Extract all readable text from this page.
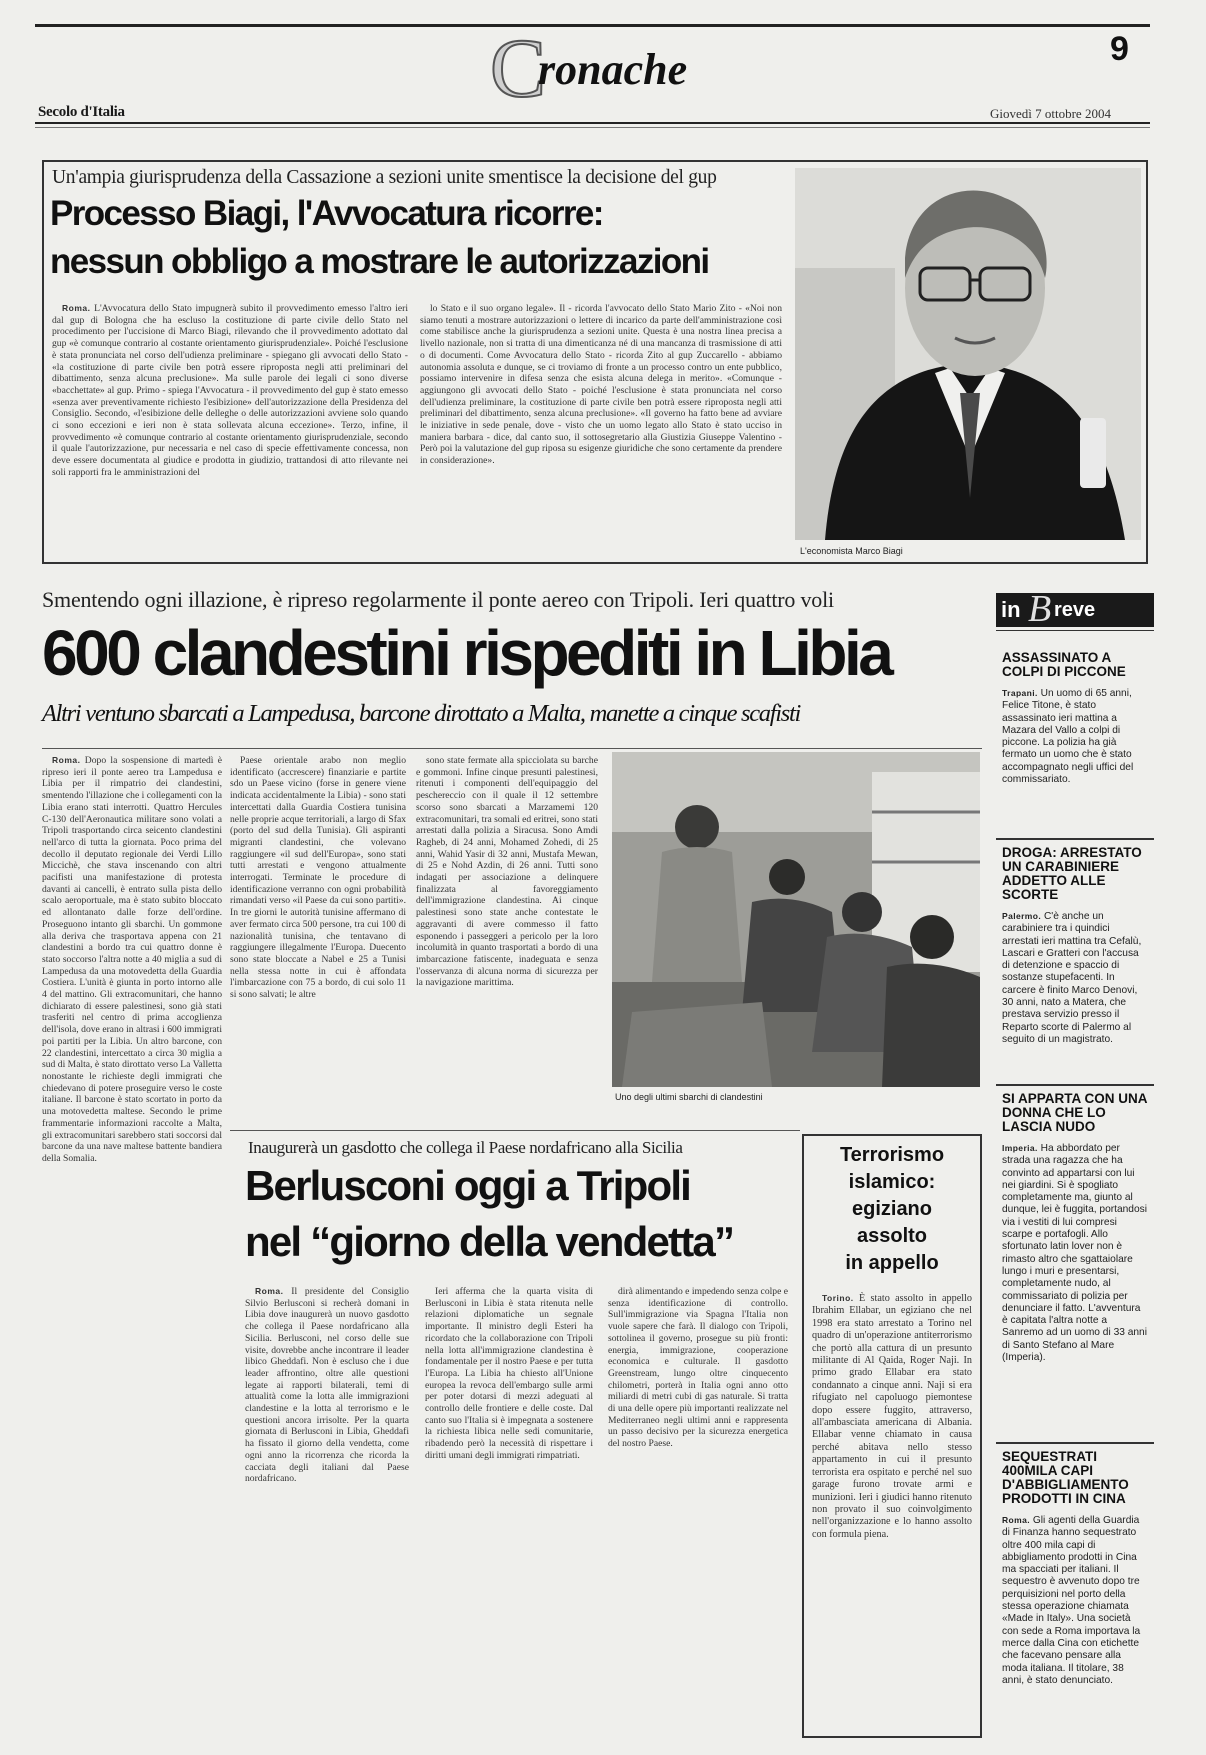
C
ronache	9
Secolo d'Italia	Giovedì 7 ottobre 2004
Un'ampia giurisprudenza della Cassazione a sezioni unite smentisce la decisione del gup
Processo Biagi, l'Avvocatura ricorre:
nessun obbligo a mostrare le autorizzazioni

Roma. L'Avvocatura dello Stato impugnerà subito il provvedimento emesso l'altro ieri dal gup di Bologna che ha escluso la costituzione di parte civile dello Stato nel procedimento per l'uccisione di Marco Biagi, rilevando che il provvedimento adottato dal gup «è comunque contrario al costante orientamento giurisprudenziale». Poiché l'esclusione è stata pronunciata nel corso dell'udienza preliminare - spiegano gli avvocati dello Stato - «la costituzione di parte civile ben potrà essere riproposta negli atti preliminari del dibattimento, senza alcuna preclusione». Ma sulle parole dei legali ci sono diverse «bacchettate» al gup. Primo - spiega l'Avvocatura - il provvedimento del gup è stato emesso «senza aver preventivamente richiesto l'esibizione» dell'autorizzazione della Presidenza del Consiglio. Secondo, «l'esibizione delle delleghe o delle autorizzazioni avviene solo quando ci sono eccezioni e ieri non è stata sollevata alcuna eccezione». Terzo, infine, il provvedimento «è comunque contrario al costante orientamento giurisprudenziale, secondo il quale l'autorizzazione, pur necessaria e nel caso di specie effettivamente concessa, non deve essere documentata al giudice e prodotta in giudizio, trattandosi di atto rilevante nei soli rapporti fra le amministrazioni del

lo Stato e il suo organo legale». Il - ricorda l'avvocato dello Stato Mario Zito - «Noi non siamo tenuti a mostrare autorizzazioni o lettere di incarico da parte dell'amministrazione così come stabilisce anche la giurisprudenza a sezioni unite. Questa è una nostra linea precisa a livello nazionale, non si tratta di una dimenticanza né di una mancanza di trasmissione di atti o di documenti. Come Avvocatura dello Stato - ricorda Zito al gup Zuccarello - abbiamo autonomia assoluta e dunque, se ci troviamo di fronte a un processo contro un ente pubblico, possiamo intervenire in difesa senza che esista alcuna delega in merito». «Comunque - aggiungono gli avvocati dello Stato - poiché l'esclusione è stata pronunciata nel corso dell'udienza preliminare, la costituzione di parte civile ben potrà essere riproposta negli atti preliminari del dibattimento, senza alcuna preclusione». «Il governo ha fatto bene ad avviare le iniziative in sede penale, dove - visto che un uomo legato allo Stato è stato ucciso in maniera barbara - dice, dal canto suo, il sottosegretario alla Giustizia Giuseppe Valentino - Però poi la valutazione del gup riposa su esigenze giuridiche che sono certamente da prendere in considerazione».

L'economista Marco Biagi
Smentendo ogni illazione, è ripreso regolarmente il ponte aereo con Tripoli. Ieri quattro voli
600 clandestini rispediti in Libia
Altri ventuno sbarcati a Lampedusa, barcone dirottato a Malta, manette a cinque scafisti

Roma. Dopo la sospensione di martedì è ripreso ieri il ponte aereo tra Lampedusa e Libia per il rimpatrio dei clandestini, smentendo l'illazione che i collegamenti con la Libia erano stati interrotti. Quattro Hercules C-130 dell'Aeronautica militare sono volati a Tripoli trasportando circa seicento clandestini nell'arco di tutta la giornata. Poco prima del decollo il deputato regionale dei Verdi Lillo Miccichè, che stava inscenando con altri pacifisti una manifestazione di protesta davanti ai cancelli, è entrato sulla pista dello scalo aeroportuale, ma è stato subito bloccato ed allontanato dalle forze dell'ordine. Proseguono intanto gli sbarchi. Un gommone alla deriva che trasportava appena con 21 clandestini a bordo tra cui quattro donne è stato soccorso l'altra notte a 40 miglia a sud di Lampedusa da una motovedetta della Guardia Costiera. L'unità è giunta in porto intorno alle 4 del mattino. Gli extracomunitari, che hanno dichiarato di essere palestinesi, sono già stati trasferiti nel centro di prima accoglienza dell'isola, dove erano in altrasi i 600 immigrati poi partiti per la Libia. Un altro barcone, con 22 clandestini, intercettato a circa 30 miglia a sud di Malta, è stato dirottato verso La Valletta nonostante le richieste degli immigrati che chiedevano di potere proseguire verso le coste italiane. Il barcone è stato scortato in porto da una motovedetta maltese. Secondo le prime frammentarie informazioni raccolte a Malta, gli extracomunitari sarebbero stati soccorsi dal barcone da una nave maltese battente bandiera della Somalia.

Paese orientale arabo non meglio identificato (accrescere) finanziarie e partite sdo un Paese vicino (forse in genere viene indicata accidentalmente la Libia) - sono stati intercettati dalla Guardia Costiera tunisina nelle proprie acque territoriali, a largo di Sfax (porto del sud della Tunisia). Gli aspiranti migranti clandestini, che volevano raggiungere «il sud dell'Europa», sono stati tutti arrestati e vengono attualmente interrogati. Terminate le procedure di identificazione verranno con ogni probabilità rimandati verso «il Paese da cui sono partiti». In tre giorni le autorità tunisine affermano di aver fermato circa 500 persone, tra cui 100 di nazionalità tunisina, che tentavano di raggiungere illegalmente l'Europa. Duecento sono state bloccate a Nabel e 25 a Tunisi nella stessa notte in cui è affondata l'imbarcazione con 75 a bordo, di cui solo 11 si sono salvati; le altre

sono state fermate alla spicciolata su barche e gommoni. Infine cinque presunti palestinesi, ritenuti i componenti dell'equipaggio del peschereccio con il quale il 12 settembre scorso sono sbarcati a Marzamemi 120 extracomunitari, tra somali ed eritrei, sono stati arrestati dalla polizia a Siracusa. Sono Amdi Ragheb, di 24 anni, Mohamed Zohedi, di 25 anni, Wahid Yasir di 32 anni, Mustafa Mewan, di 25 e Nohd Azdin, di 26 anni. Tutti sono indagati per associazione a delinquere finalizzata al favoreggiamento dell'immigrazione clandestina. Ai cinque palestinesi sono state anche contestate le aggravanti di avere commesso il fatto esponendo i passeggeri a pericolo per la loro incolumità in quanto trasportati a bordo di una imbarcazione fatiscente, inadeguata e senza l'osservanza di alcuna norma di sicurezza per la navigazione marittima.

Uno degli ultimi sbarchi di clandestini
Inaugurerà un gasdotto che collega il Paese nordafricano alla Sicilia
Berlusconi oggi a Tripoli
nel “giorno della vendetta”

Roma. Il presidente del Consiglio Silvio Berlusconi si recherà domani in Libia dove inaugurerà un nuovo gasdotto che collega il Paese nordafricano alla Sicilia. Berlusconi, nel corso delle sue visite, dovrebbe anche incontrare il leader libico Gheddafi. Non è escluso che i due leader affrontino, oltre alle questioni legate ai rapporti bilaterali, temi di attualità come la lotta alle immigrazioni clandestine e la lotta al terrorismo e le questioni ancora irrisolte. Per la quarta giornata di Berlusconi in Libia, Gheddafi ha fissato il giorno della vendetta, come ogni anno la ricorrenza che ricorda la cacciata degli italiani dal Paese nordafricano.

Ieri afferma che la quarta visita di Berlusconi in Libia è stata ritenuta nelle relazioni diplomatiche un segnale importante. Il ministro degli Esteri ha ricordato che la collaborazione con Tripoli nella lotta all'immigrazione clandestina è fondamentale per il nostro Paese e per tutta l'Europa. La Libia ha chiesto all'Unione europea la revoca dell'embargo sulle armi per poter dotarsi di mezzi adeguati al controllo delle frontiere e delle coste. Dal canto suo l'Italia si è impegnata a sostenere la richiesta libica nelle sedi comunitarie, ribadendo però la necessità di rispettare i diritti umani degli immigrati rimpatriati.

dirà alimentando e impedendo senza colpe e senza identificazione di controllo. Sull'immigrazione via Spagna l'Italia non vuole sapere che farà. Il dialogo con Tripoli, sottolinea il governo, prosegue su più fronti: energia, immigrazione, cooperazione economica e culturale. Il gasdotto Greenstream, lungo oltre cinquecento chilometri, porterà in Italia ogni anno otto miliardi di metri cubi di gas naturale. Si tratta di una delle opere più importanti realizzate nel Mediterraneo negli ultimi anni e rappresenta un passo decisivo per la sicurezza energetica del nostro Paese.

Terrorismo
islamico:
egiziano
assolto
in appello

Torino. È stato assolto in appello Ibrahim Ellabar, un egiziano che nel 1998 era stato arrestato a Torino nel quadro di un'operazione antiterrorismo che portò alla cattura di un presunto militante di Al Qaida, Roger Naji. In primo grado Ellabar era stato condannato a cinque anni. Naji si era rifugiato nel capoluogo piemontese dopo essere fuggito, attraverso, all'ambasciata americana di Albania. Ellabar venne chiamato in causa perché abitava nello stesso appartamento in cui il presunto terrorista era ospitato e perché nel suo garage furono trovate armi e munizioni. Ieri i giudici hanno ritenuto non provato il suo coinvolgimento nell'organizzazione e lo hanno assolto con formula piena.

in B reve
ASSASSINATO A COLPI DI PICCONE
Trapani. Un uomo di 65 anni, Felice Titone, è stato assassinato ieri mattina a Mazara del Vallo a colpi di piccone. La polizia ha già fermato un uomo che è stato accompagnato negli uffici del commissariato.
DROGA: ARRESTATO UN CARABINIERE ADDETTO ALLE SCORTE
Palermo. C'è anche un carabiniere tra i quindici arrestati ieri mattina tra Cefalù, Lascari e Gratteri con l'accusa di detenzione e spaccio di sostanze stupefacenti. In carcere è finito Marco Denovi, 30 anni, nato a Matera, che prestava servizio presso il Reparto scorte di Palermo al seguito di un magistrato.
SI APPARTA CON UNA DONNA CHE LO LASCIA NUDO
Imperia. Ha abbordato per strada una ragazza che ha convinto ad appartarsi con lui nei giardini. Si è spogliato completamente ma, giunto al dunque, lei è fuggita, portandosi via i vestiti di lui compresi scarpe e portafogli. Allo sfortunato latin lover non è rimasto altro che sgattaiolare lungo i muri e presentarsi, completamente nudo, al commissariato di polizia per denunciare il fatto. L'avventura è capitata l'altra notte a Sanremo ad un uomo di 33 anni di Santo Stefano al Mare (Imperia).
SEQUESTRATI 400MILA CAPI D'ABBIGLIAMENTO PRODOTTI IN CINA
Roma. Gli agenti della Guardia di Finanza hanno sequestrato oltre 400 mila capi di abbigliamento prodotti in Cina ma spacciati per italiani. Il sequestro è avvenuto dopo tre perquisizioni nel porto della stessa operazione chiamata «Made in Italy». Una società con sede a Roma importava la merce dalla Cina con etichette che facevano pensare alla moda italiana. Il titolare, 38 anni, è stato denunciato.
